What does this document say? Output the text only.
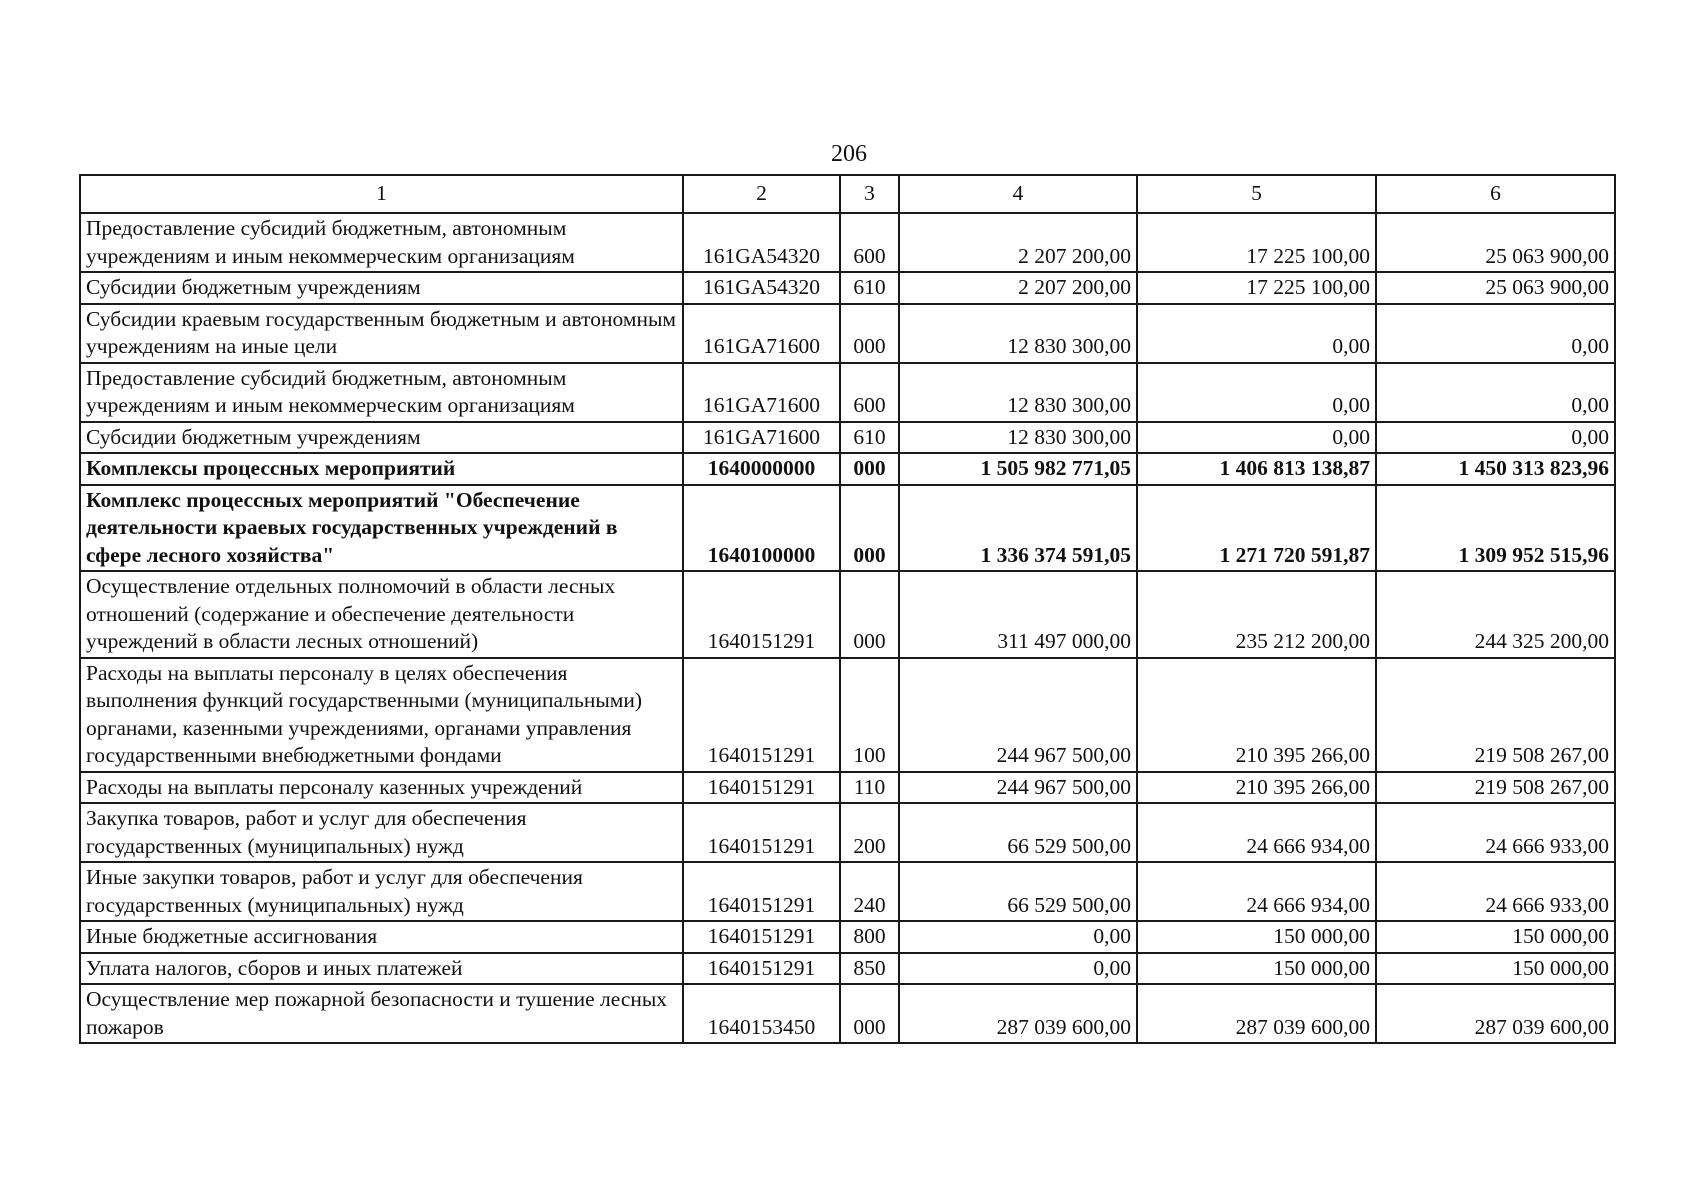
206
1	2	3	4	5	6
Предоставление субсидий бюджетным, автономным учреждениям и иным некоммерческим организациям	161GA54320	600	2 207 200,00	17 225 100,00	25 063 900,00
Субсидии бюджетным учреждениям	161GA54320	610	2 207 200,00	17 225 100,00	25 063 900,00
Субсидии краевым государственным бюджетным и автономным учреждениям на иные цели	161GA71600	000	12 830 300,00	0,00	0,00
Предоставление субсидий бюджетным, автономным учреждениям и иным некоммерческим организациям	161GA71600	600	12 830 300,00	0,00	0,00
Субсидии бюджетным учреждениям	161GA71600	610	12 830 300,00	0,00	0,00
Комплексы процессных мероприятий	1640000000	000	1 505 982 771,05	1 406 813 138,87	1 450 313 823,96
Комплекс процессных мероприятий "Обеспечение деятельности краевых государственных учреждений в сфере лесного хозяйства"	1640100000	000	1 336 374 591,05	1 271 720 591,87	1 309 952 515,96
Осуществление отдельных полномочий в области лесных отношений (содержание и обеспечение деятельности учреждений в области лесных отношений)	1640151291	000	311 497 000,00	235 212 200,00	244 325 200,00
Расходы на выплаты персоналу в целях обеспечения выполнения функций государственными (муниципальными) органами, казенными учреждениями, органами управления государственными внебюджетными фондами	1640151291	100	244 967 500,00	210 395 266,00	219 508 267,00
Расходы на выплаты персоналу казенных учреждений	1640151291	110	244 967 500,00	210 395 266,00	219 508 267,00
Закупка товаров, работ и услуг для обеспечения государственных (муниципальных) нужд	1640151291	200	66 529 500,00	24 666 934,00	24 666 933,00
Иные закупки товаров, работ и услуг для обеспечения государственных (муниципальных) нужд	1640151291	240	66 529 500,00	24 666 934,00	24 666 933,00
Иные бюджетные ассигнования	1640151291	800	0,00	150 000,00	150 000,00
Уплата налогов, сборов и иных платежей	1640151291	850	0,00	150 000,00	150 000,00
Осуществление мер пожарной безопасности и тушение лесных пожаров	1640153450	000	287 039 600,00	287 039 600,00	287 039 600,00
